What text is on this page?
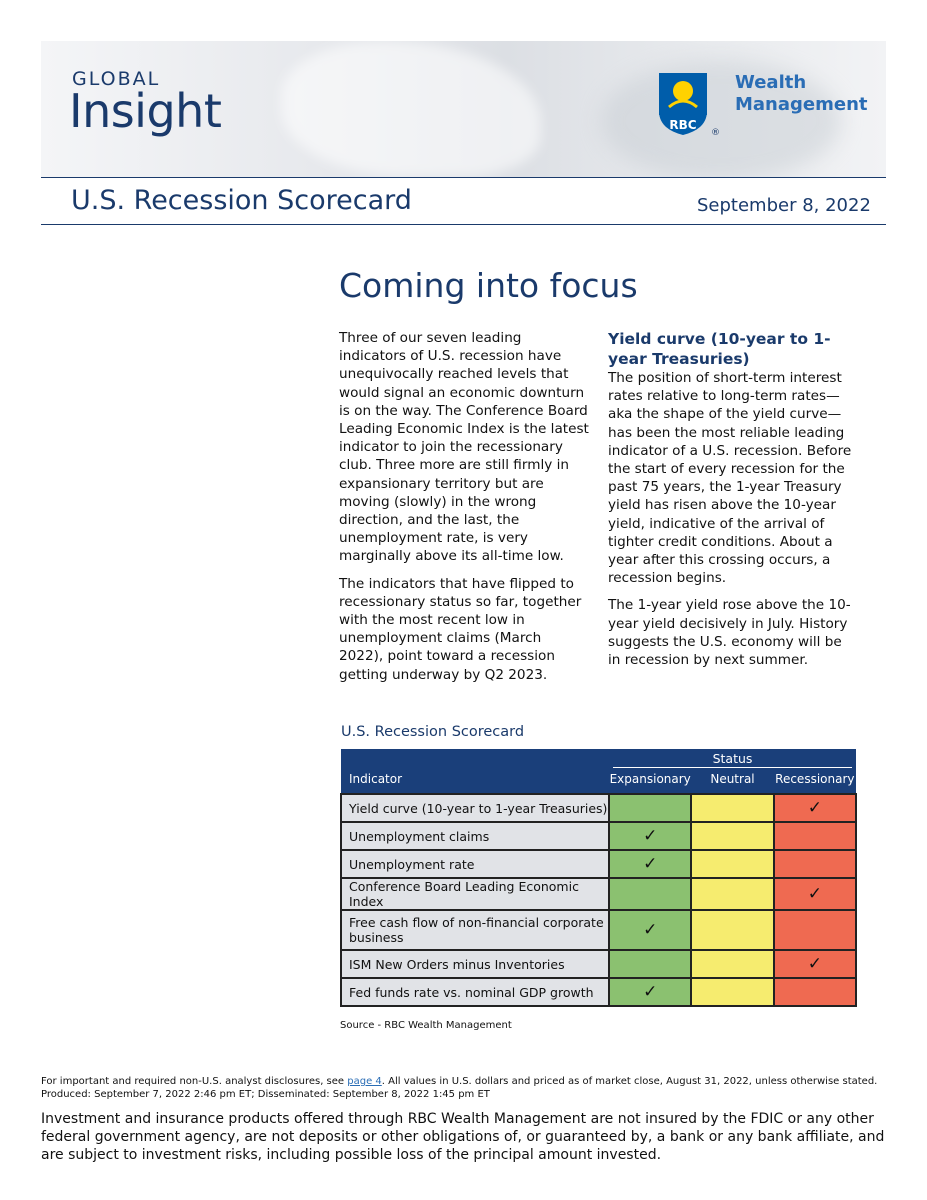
GLOBAL
Insight	RBC
®
Wealth
Management
U.S. Recession Scorecard	September 8, 2022
Coming into focus

Three of our seven leading indicators of U.S. recession have unequivocally reached levels that would signal an economic downturn is on the way. The Conference Board Leading Economic Index is the latest indicator to join the recessionary club. Three more are still firmly in expansionary territory but are moving (slowly) in the wrong direction, and the last, the unemployment rate, is very marginally above its all-time low.

The indicators that have flipped to recessionary status so far, together with the most recent low in unemployment claims (March 2022), point toward a recession getting underway by Q2 2023.

Yield curve (10-year to 1-year Treasuries)

The position of short-term interest rates relative to long-term rates—aka the shape of the yield curve—has been the most reliable leading indicator of a U.S. recession. Before the start of every recession for the past 75 years, the 1-year Treasury yield has risen above the 10-year yield, indicative of the arrival of tighter credit conditions. About a year after this crossing occurs, a recession begins.

The 1-year yield rose above the 10-year yield decisively in July. History suggests the U.S. economy will be in recession by next summer.

U.S. Recession Scorecard

	Status		

Indicator	Expansionary	Neutral	Recessionary
Yield curve (10-year to 1-year Treasuries)			✓
Unemployment claims	✓		
Unemployment rate	✓		
Conference Board Leading Economic Index			✓
Free cash flow of non-financial corporate business	✓		
ISM New Orders minus Inventories			✓
Fed funds rate vs. nominal GDP growth	✓		
Source - RBC Wealth Management
For important and required non-U.S. analyst disclosures, see page 4. All values in U.S. dollars and priced as of market close, August 31, 2022, unless otherwise stated.
Produced: September 7, 2022 2:46 pm ET; Disseminated: September 8, 2022 1:45 pm ET
Investment and insurance products offered through RBC Wealth Management are not insured by the FDIC or any other federal government agency, are not deposits or other obligations of, or guaranteed by, a bank or any bank affiliate, and are subject to investment risks, including possible loss of the principal amount invested.
